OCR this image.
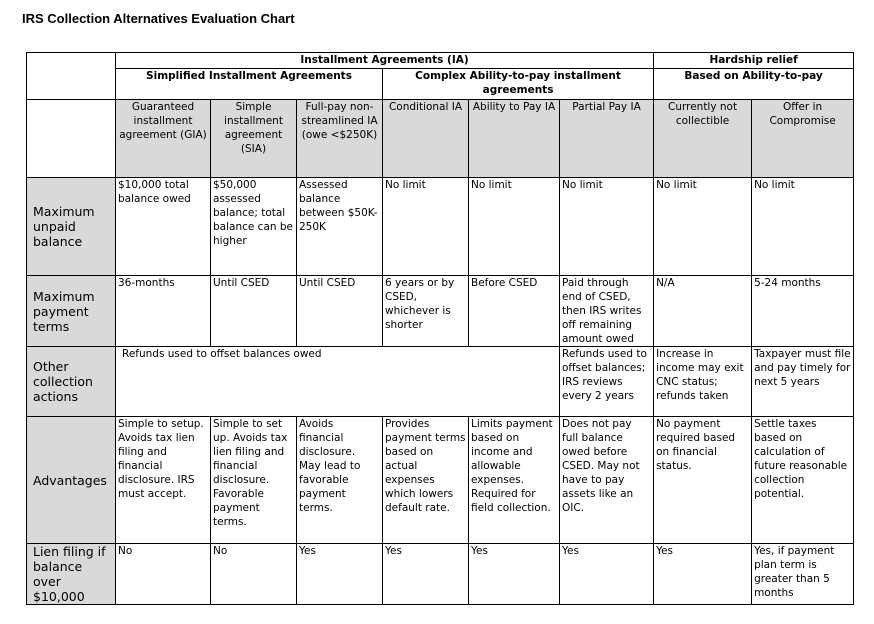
IRS Collection Alternatives Evaluation Chart
	Installment Agreements (IA)						Hardship relief	
	Simplified Installment Agreements			Complex Ability-to-pay installment agreements			Based on Ability-to-pay	
	Guaranteed installment agreement (GIA)	Simple installment agreement (SIA)	Full-pay non-streamlined IA (owe <$250K)	Conditional IA	Ability to Pay IA	Partial Pay IA	Currently not collectible	Offer in Compromise
Maximum unpaid balance	$10,000 total balance owed	$50,000 assessed balance; total balance can be higher	Assessed balance between $50K-250K	No limit	No limit	No limit	No limit	No limit
Maximum payment terms	36-months	Until CSED	Until CSED	6 years or by CSED, whichever is shorter	Before CSED	Paid through end of CSED, then IRS writes off remaining amount owed	N/A	5-24 months
Other collection actions	Refunds used to offset balances owed					Refunds used to offset balances; IRS reviews every 2 years	Increase in income may exit CNC status; refunds taken	Taxpayer must file and pay timely for next 5 years
Advantages	Simple to setup. Avoids tax lien filing and financial disclosure. IRS must accept.	Simple to set up. Avoids tax lien filing and financial disclosure. Favorable payment terms.	Avoids financial disclosure. May lead to favorable payment terms.	Provides payment terms based on actual expenses which lowers default rate.	Limits payment based on income and allowable expenses. Required for field collection.	Does not pay full balance owed before CSED. May not have to pay assets like an OIC.	No payment required based on financial status.	Settle taxes based on calculation of future reasonable collection potential.
Lien filing if balance over $10,000	No	No	Yes	Yes	Yes	Yes	Yes	Yes, if payment plan term is greater than 5 months
